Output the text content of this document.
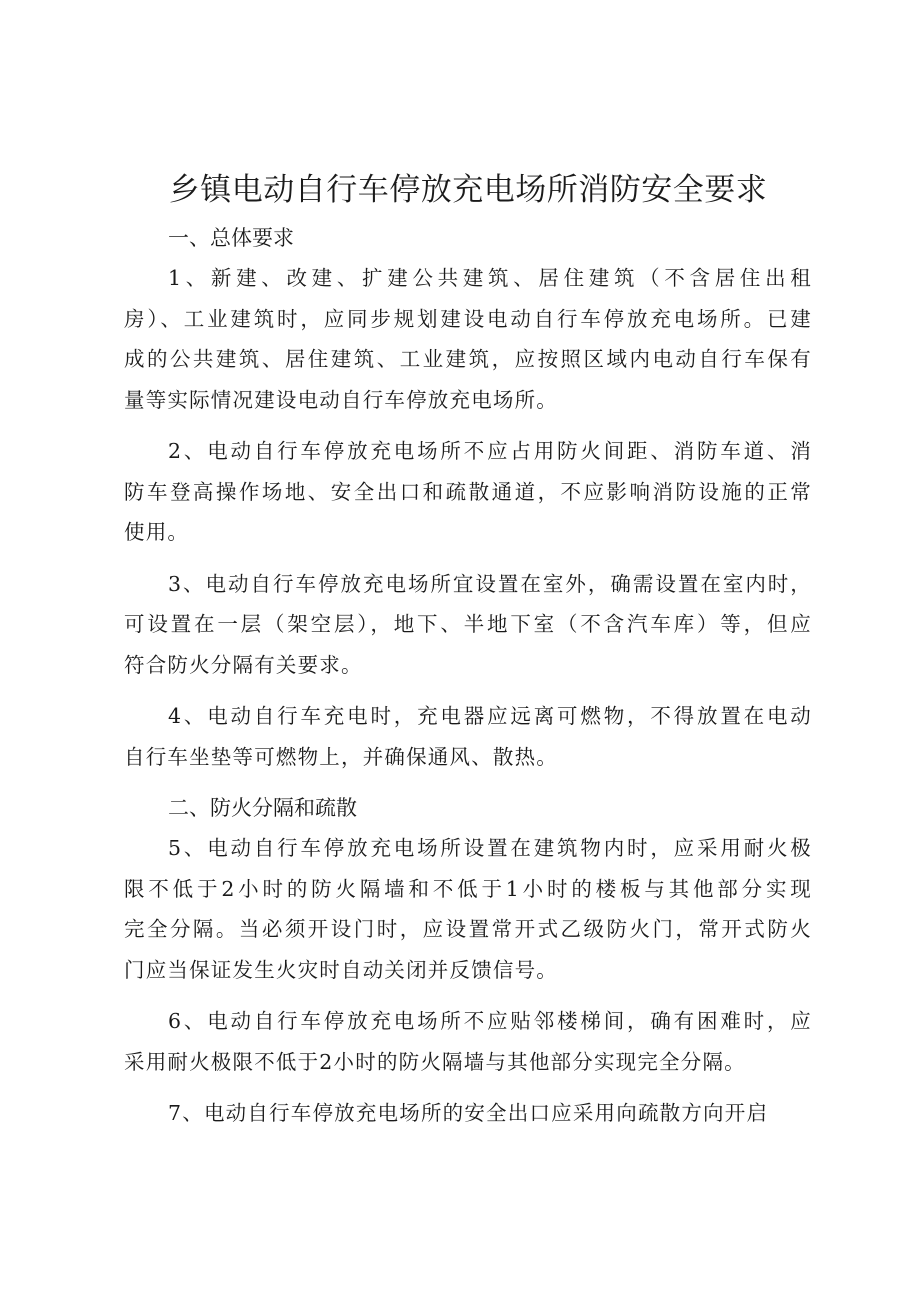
乡镇电动自行车停放充电场所消防安全要求
一、总体要求
1、新建、改建、扩建公共建筑、居住建筑（不含居住出租
房）、工业建筑时，应同步规划建设电动自行车停放充电场所。已建
成的公共建筑、居住建筑、工业建筑，应按照区域内电动自行车保有
量等实际情况建设电动自行车停放充电场所。
2、电动自行车停放充电场所不应占用防火间距、消防车道、消
防车登高操作场地、安全出口和疏散通道，不应影响消防设施的正常
使用。
3、电动自行车停放充电场所宜设置在室外，确需设置在室内时，
可设置在一层（架空层），地下、半地下室（不含汽车库）等，但应
符合防火分隔有关要求。
4、电动自行车充电时，充电器应远离可燃物，不得放置在电动
自行车坐垫等可燃物上，并确保通风、散热。
二、防火分隔和疏散
5、电动自行车停放充电场所设置在建筑物内时，应采用耐火极
限不低于2小时的防火隔墙和不低于1小时的楼板与其他部分实现
完全分隔。当必须开设门时，应设置常开式乙级防火门，常开式防火
门应当保证发生火灾时自动关闭并反馈信号。
6、电动自行车停放充电场所不应贴邻楼梯间，确有困难时，应
采用耐火极限不低于2小时的防火隔墙与其他部分实现完全分隔。
7、电动自行车停放充电场所的安全出口应采用向疏散方向开启
